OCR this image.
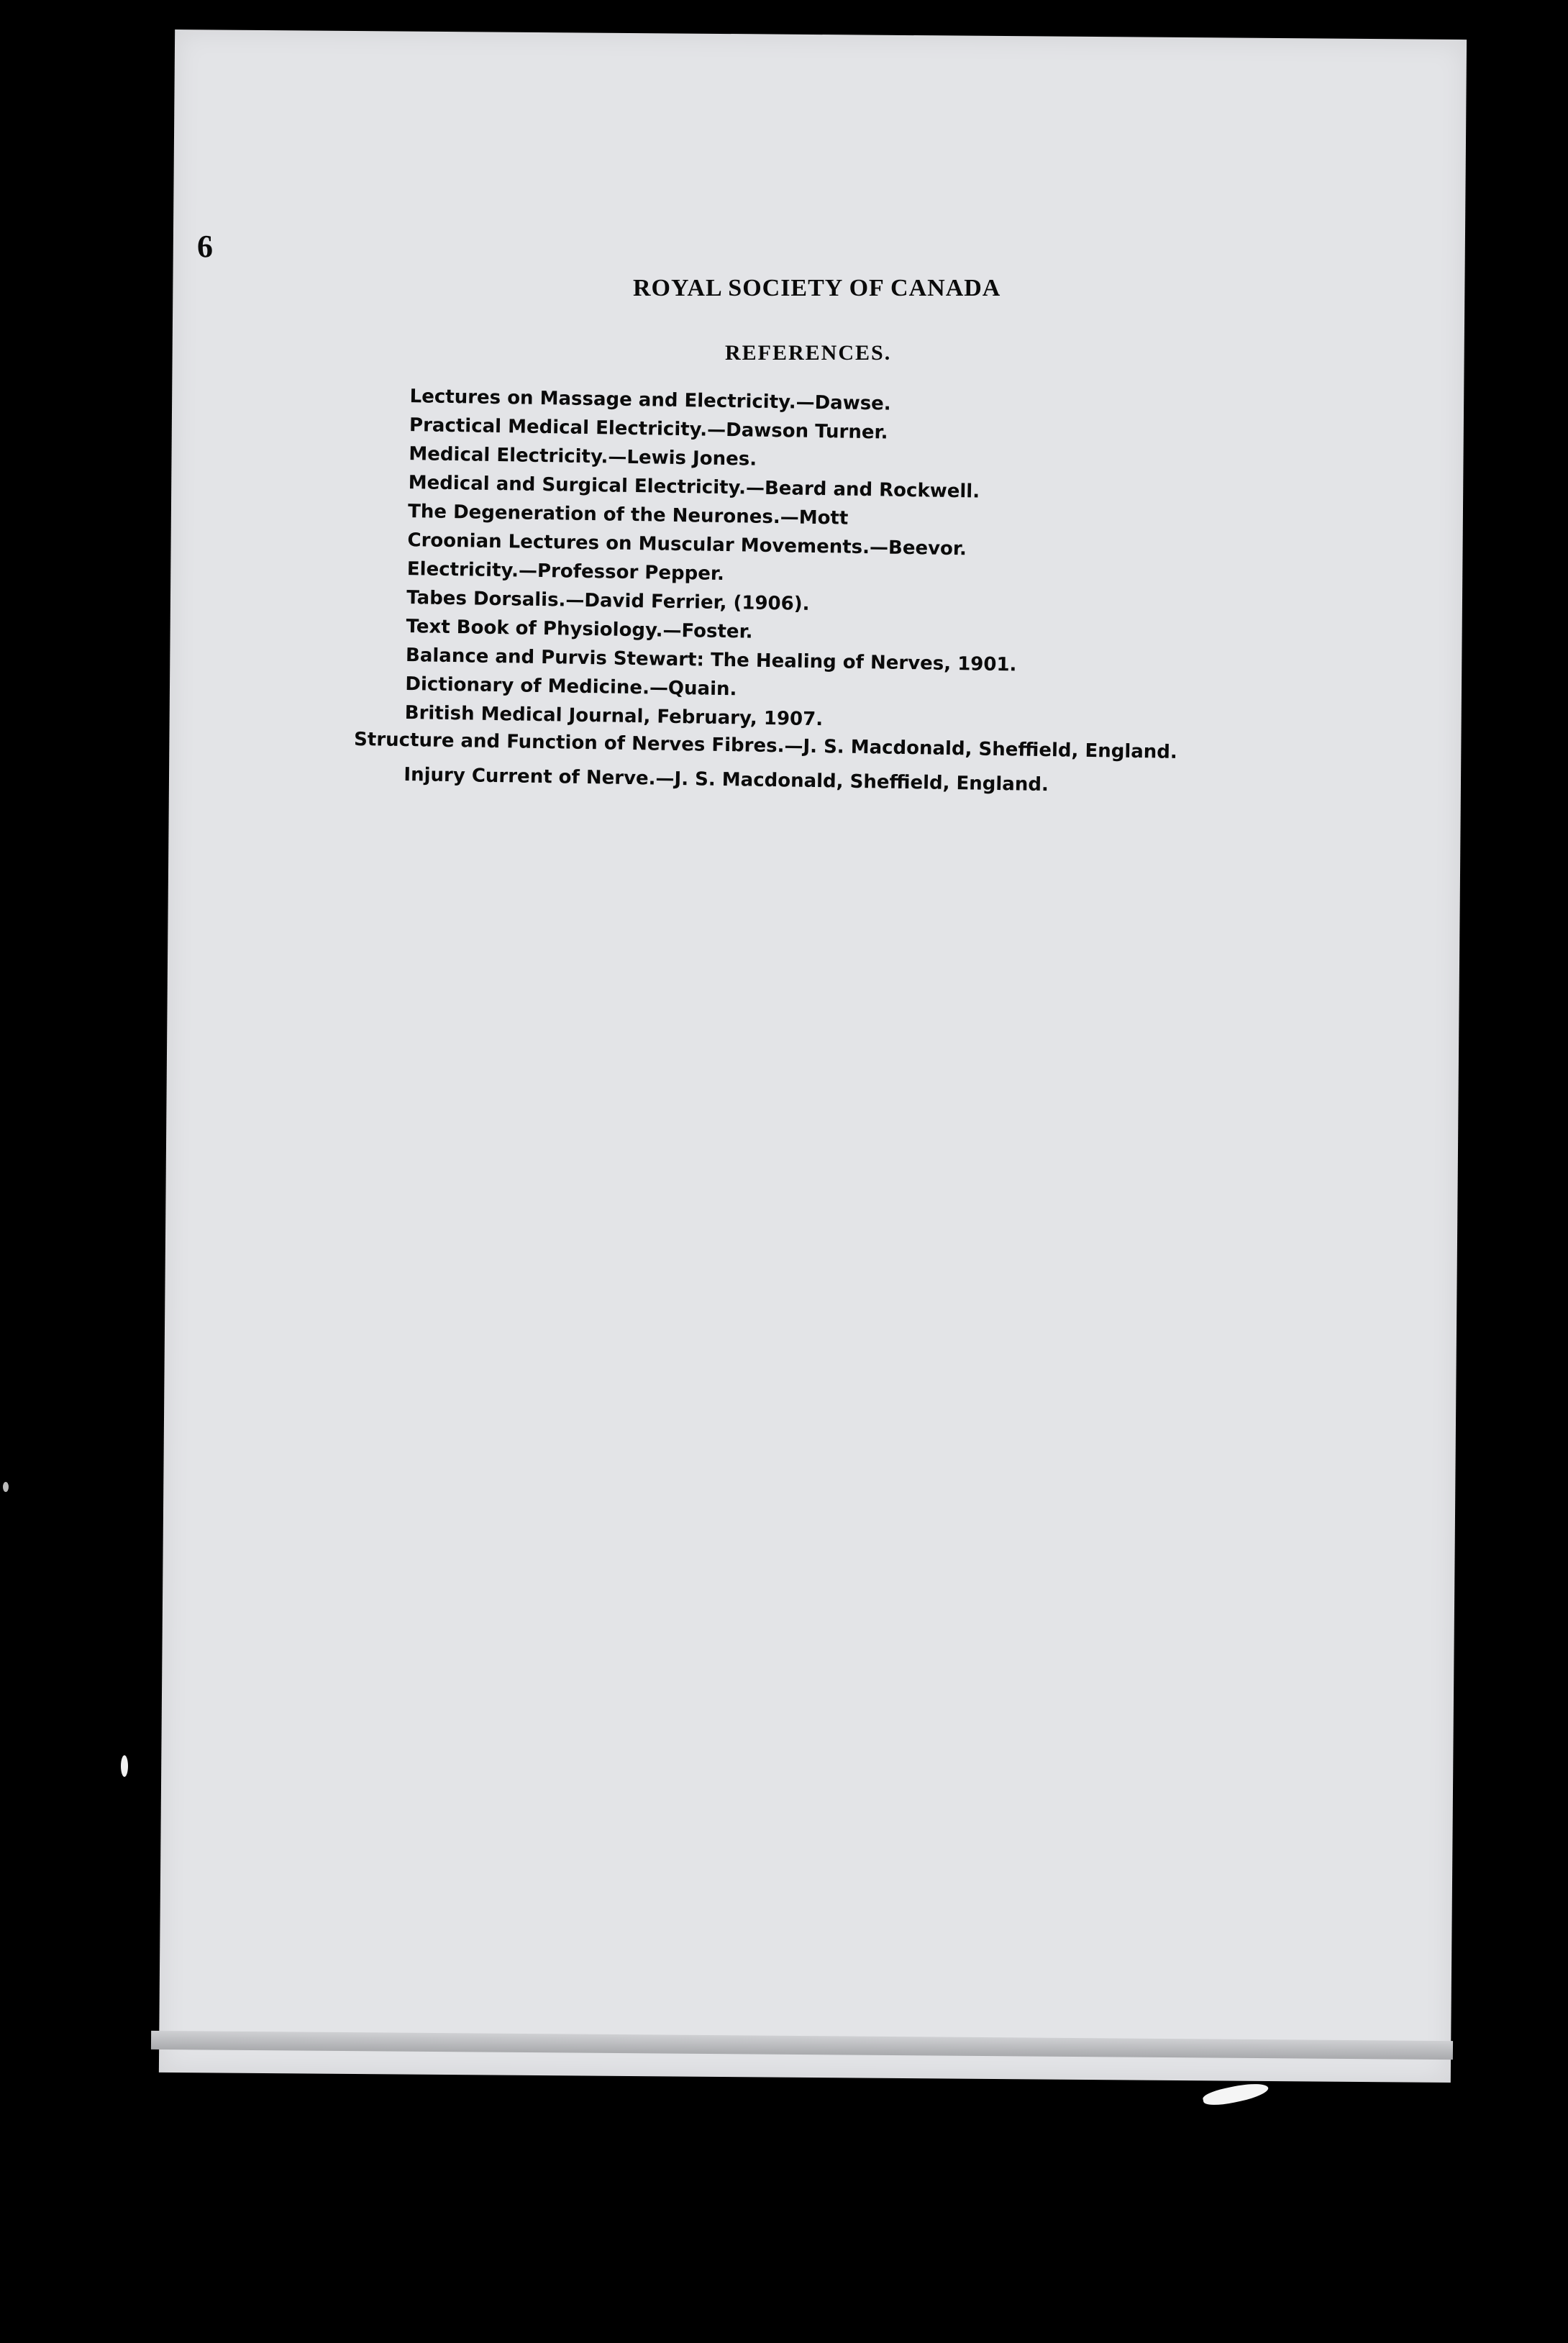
6
ROYAL SOCIETY OF CANADA
REFERENCES.
Lectures on Massage and Electricity.—Dawse.
Practical Medical Electricity.—Dawson Turner.
Medical Electricity.—Lewis Jones.
Medical and Surgical Electricity.—Beard and Rockwell.
The Degeneration of the Neurones.—Mott
Croonian Lectures on Muscular Movements.—Beevor.
Electricity.—Professor Pepper.
Tabes Dorsalis.—David Ferrier, (1906).
Text Book of Physiology.—Foster.
Balance and Purvis Stewart: The Healing of Nerves, 1901.
Dictionary of Medicine.—Quain.
British Medical Journal, February, 1907.
Structure and Function of Nerves Fibres.—J. S. Macdonald, Sheffield, England.
Injury Current of Nerve.—J. S. Macdonald, Sheffield, England.
